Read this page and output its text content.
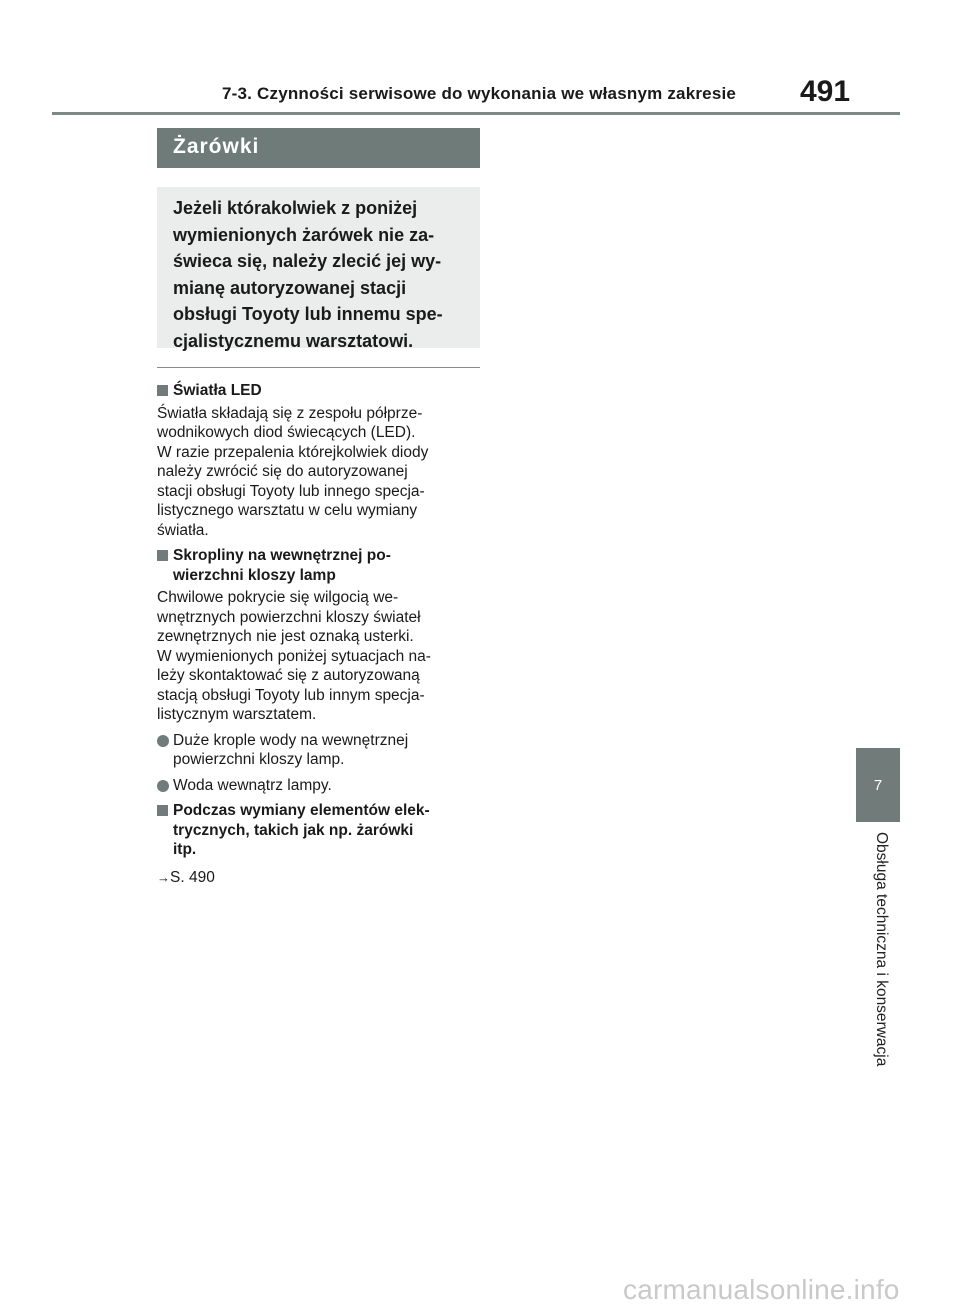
7-3. Czynności serwisowe do wykonania we własnym zakresie 491
Żarówki
Jeżeli którakolwiek z poniżej
wymienionych żarówek nie za-
świeca się, należy zlecić jej wy-
mianę autoryzowanej stacji
obsługi Toyoty lub innemu spe-
cjalistycznemu warsztatowi.
Światła LED
Światła składają się z zespołu półprze-
wodnikowych diod świecących (LED).
W razie przepalenia którejkolwiek diody
należy zwrócić się do autoryzowanej
stacji obsługi Toyoty lub innego specja-
listycznego warsztatu w celu wymiany
światła.
Skropliny na wewnętrznej po-
wierzchni kloszy lamp
Chwilowe pokrycie się wilgocią we-
wnętrznych powierzchni kloszy świateł
zewnętrznych nie jest oznaką usterki.
W wymienionych poniżej sytuacjach na-
leży skontaktować się z autoryzowaną
stacją obsługi Toyoty lub innym specja-
listycznym warsztatem.
Duże krople wody na wewnętrznej
powierzchni kloszy lamp.
Woda wewnątrz lampy.
Podczas wymiany elementów elek-
trycznych, takich jak np. żarówki
itp.
→S. 490
7
Obsługa techniczna i konserwacja
carmanualsonline.info
